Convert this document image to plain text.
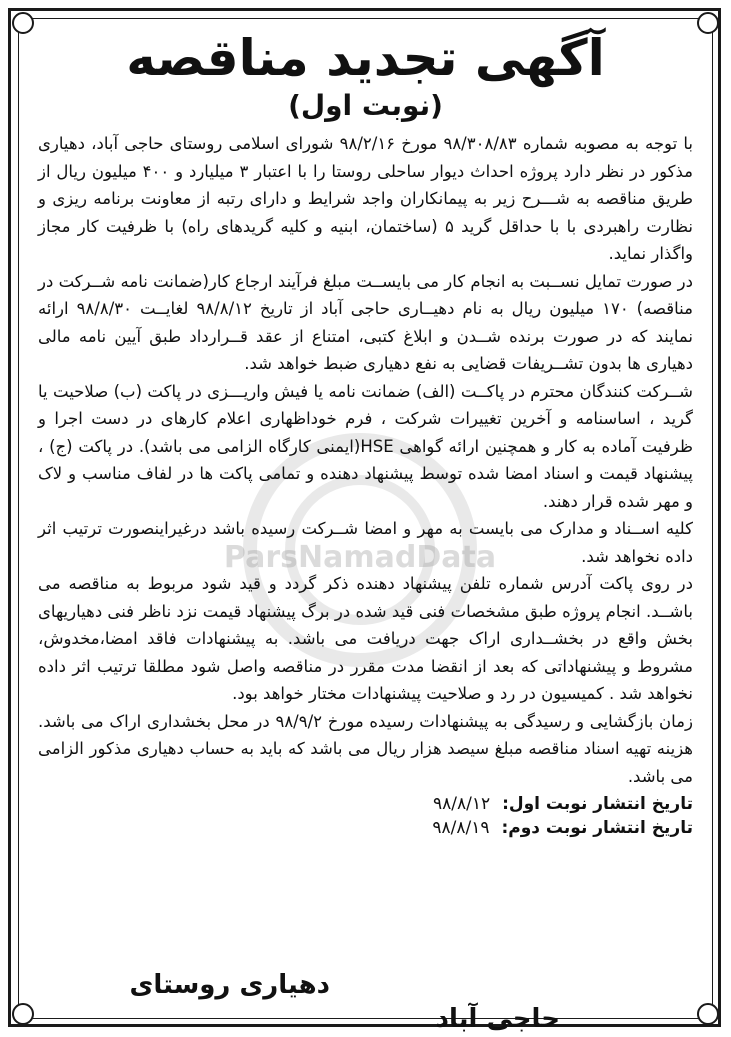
ParsNamadData
آگهی تجدید مناقصه
(نوبت اول)

با توجه به مصوبه شماره ۹۸/۳۰۸/۸۳ مورخ ۹۸/۲/۱۶ شورای اسلامی روستای حاجی آباد، دهیاری مذکور در نظر دارد پروژه احداث دیوار ساحلی روستا را با اعتبار ۳ میلیارد و ۴۰۰ میلیون ریال از طریق مناقصه به شـــرح زیر به پیمانکاران واجد شرایط و دارای رتبه از معاونت برنامه ریزی و نظارت راهبردی با با حداقل گرید ۵ (ساختمان، ابنیه و کلیه گریدهای راه) با ظرفیت کار مجاز واگذار نماید.

در صورت تمایل نســبت به انجام کار می بایســت مبلغ فرآیند ارجاع کار(ضمانت نامه شــرکت در مناقصه) ۱۷۰ میلیون ریال به نام دهیــاری حاجی آباد از تاریخ ۹۸/۸/۱۲ لغایــت ۹۸/۸/۳۰ ارائه نمایند که در صورت برنده شــدن و ابلاغ کتبی، امتناع از عقد قــرارداد طبق آیین نامه مالی دهیاری ها بدون تشــریفات قضایی به نفع دهیاری ضبط خواهد شد.

شــرکت کنندگان محترم در پاکــت (الف) ضمانت نامه یا فیش واریـــزی در پاکت (ب) صلاحیت یا گرید ، اساسنامه و آخرین تغییرات شرکت ، فرم خوداظهاری اعلام کارهای در دست اجرا و ظرفیت آماده به کار و همچنین ارائه گواهی HSE(ایمنی کارگاه الزامی می باشد). در پاکت (ج) ، پیشنهاد قیمت و اسناد امضا شده توسط پیشنهاد دهنده و تمامی پاکت ها در لفاف مناسب و لاک و مهر شده قرار دهند.

کلیه اســناد و مدارک می بایست به مهر و امضا شــرکت رسیده باشد درغیراینصورت ترتیب اثر داده نخواهد شد.

در روی پاکت آدرس شماره تلفن پیشنهاد دهنده ذکر گردد و قید شود مربوط به مناقصه می باشــد. انجام پروژه طبق مشخصات فنی قید شده در برگ پیشنهاد قیمت نزد ناظر فنی دهیاریهای بخش واقع در بخشــداری اراک جهت دریافت می باشد. به پیشنهادات فاقد امضا،مخدوش، مشروط و پیشنهاداتی که بعد از انقضا مدت مقرر در مناقصه واصل شود مطلقا ترتیب اثر داده نخواهد شد . کمیسیون در رد و صلاحیت پیشنهادات مختار خواهد بود.

زمان بازگشایی و رسیدگی به پیشنهادات رسیده مورخ ۹۸/۹/۲ در محل بخشداری اراک می باشد. هزینه تهیه اسناد مناقصه مبلغ سیصد هزار ریال می باشد که باید به حساب دهیاری مذکور الزامی می باشد.

تاریخ انتشار نوبت اول: ۹۸/۸/۱۲
تاریخ انتشار نوبت دوم: ۹۸/۸/۱۹
دهیاری روستای حاجی آباد
